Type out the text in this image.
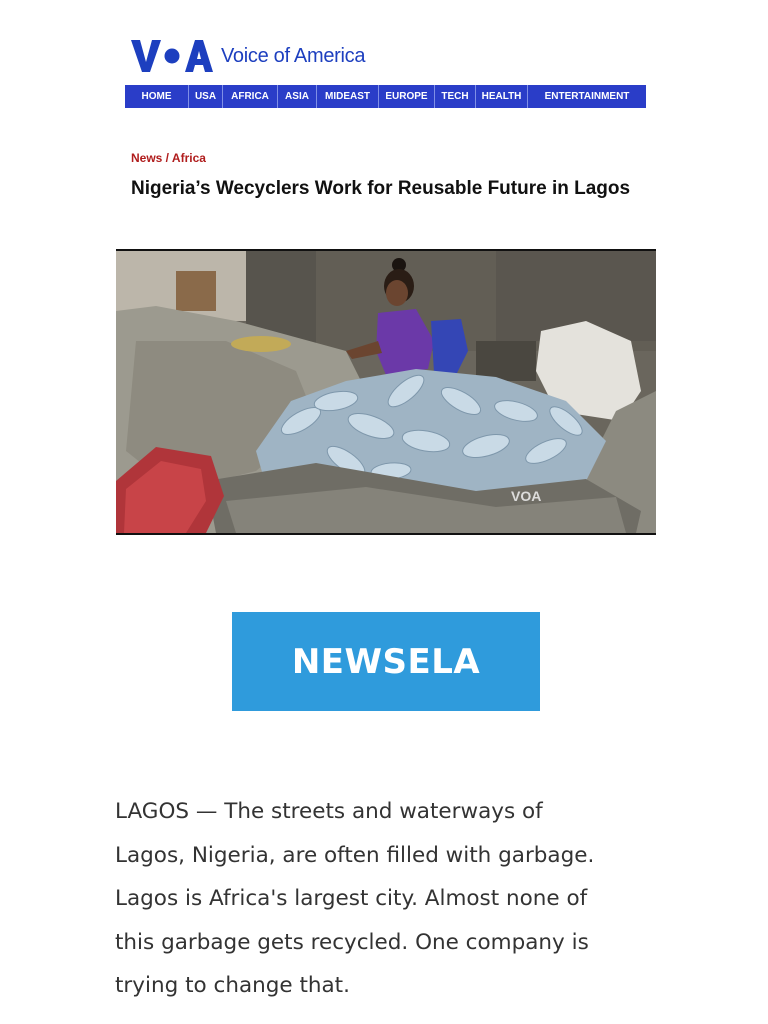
Voice of America
HOME	USA	AFRICA	ASIA	MIDEAST	EUROPE	TECH	HEALTH	ENTERTAINMENT
News / Africa
Nigeria’s Wecyclers Work for Reusable Future in Lagos
VOA
NEWSELA

LAGOS — The streets and waterways of
Lagos, Nigeria, are often filled with garbage.
Lagos is Africa's largest city. Almost none of
this garbage gets recycled. One company is
trying to change that.
